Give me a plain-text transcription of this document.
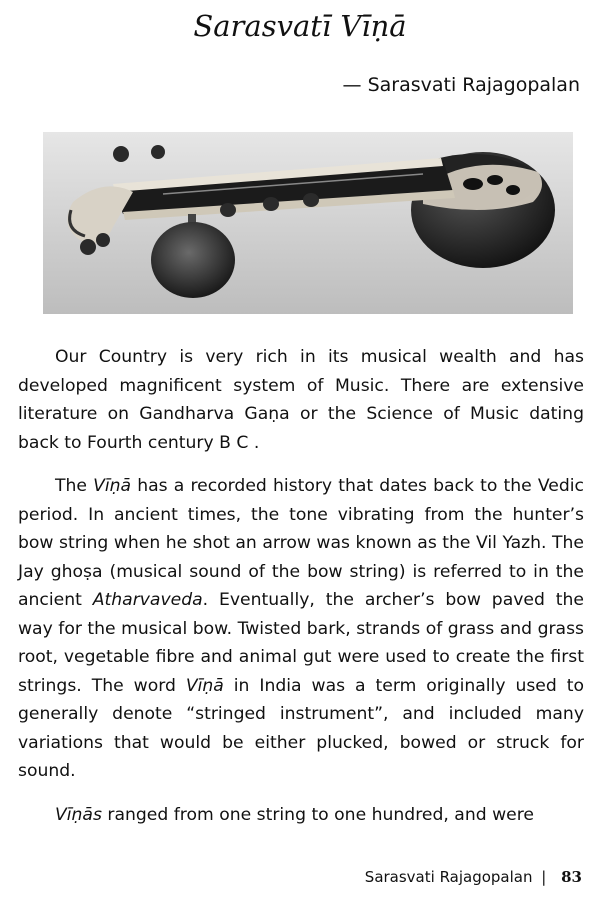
Sarasvatī Vīṇā
— Sarasvati Rajagopalan

Our Country is very rich in its musical wealth and has developed magnificent system of Music. There are extensive literature on Gandharva Gaṇa or the Science of Music dating back to Fourth century B C .

The Vīṇā has a recorded history that dates back to the Vedic period. In ancient times, the tone vibrating from the hunter’s bow string when he shot an arrow was known as the Vil Yazh. The Jay ghoṣa (musical sound of the bow string) is referred to in the ancient Atharvaveda. Eventually, the archer’s bow paved the way for the musical bow. Twisted bark, strands of grass and grass root, vegetable fibre and animal gut were used to create the first strings. The word Vīṇā in India was a term originally used to generally denote “stringed instrument”, and included many variations that would be either plucked, bowed or struck for sound.

Vīṇās ranged from one string to one hundred, and were

Sarasvati Rajagopalan | 83
